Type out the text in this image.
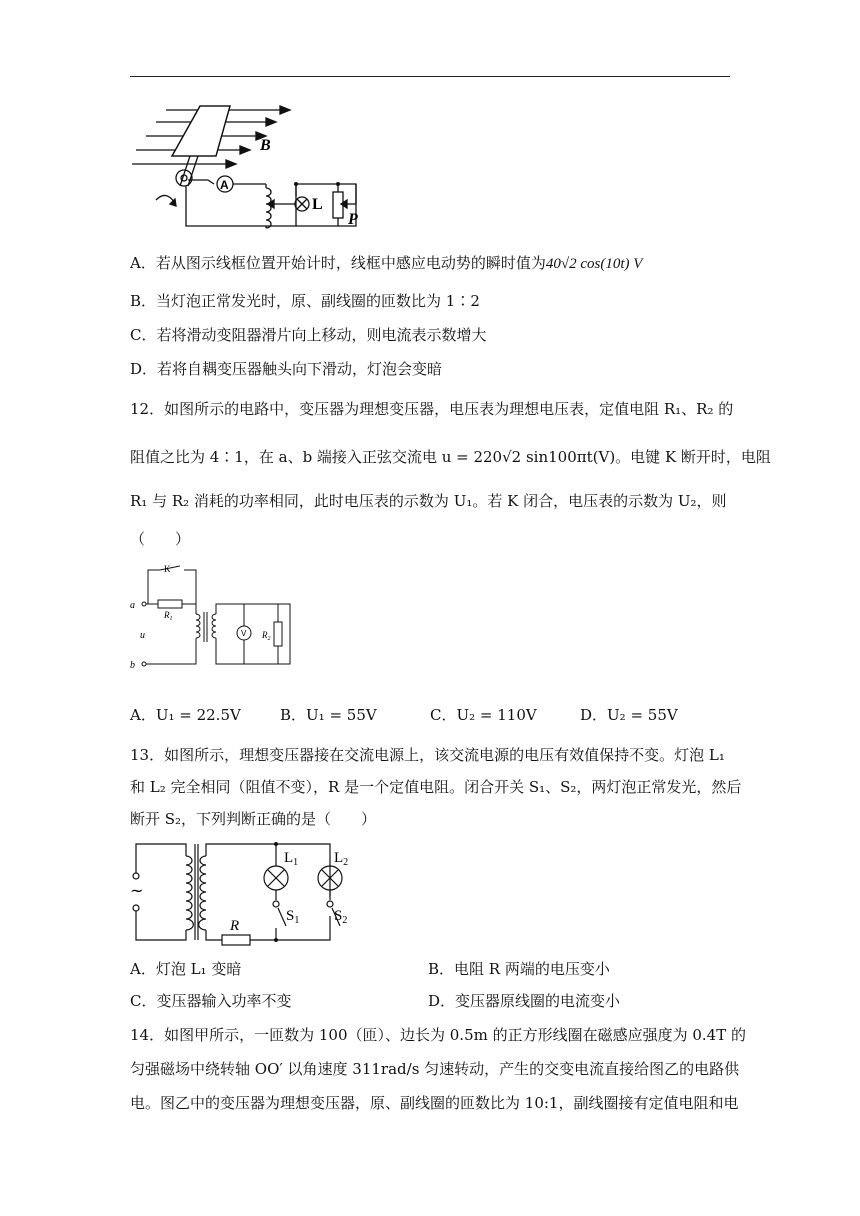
B
A
L
P
A．若从图示线框位置开始计时，线框中感应电动势的瞬时值为40√2 cos(10t) V
B．当灯泡正常发光时，原、副线圈的匝数比为 1∶2
C．若将滑动变阻器滑片向上移动，则电流表示数增大
D．若将自耦变压器触头向下滑动，灯泡会变暗
12．如图所示的电路中，变压器为理想变压器，电压表为理想电压表，定值电阻 R₁、R₂ 的
阻值之比为 4∶1，在 a、b 端接入正弦交流电 u = 220√2 sin100πt(V)。电键 K 断开时，电阻
R₁ 与 R₂ 消耗的功率相同，此时电压表的示数为 U₁。若 K 闭合，电压表的示数为 U₂，则
（　　）
K
a
$R_1$
u
b
V $R_2$
A．U₁ = 22.5V	B．U₁ = 55V	C．U₂ = 110V	D．U₂ = 55V
13．如图所示，理想变压器接在交流电源上，该交流电源的电压有效值保持不变。灯泡 L₁
和 L₂ 完全相同（阻值不变），R 是一个定值电阻。闭合开关 S₁、S₂，两灯泡正常发光，然后
断开 S₂，下列判断正确的是（　　）
~
$L_1$ $L_2$
$S_1$ $S_2$
R
A．灯泡 L₁ 变暗	B．电阻 R 两端的电压变小
C．变压器输入功率不变	D．变压器原线圈的电流变小
14．如图甲所示，一匝数为 100（匝）、边长为 0.5m 的正方形线圈在磁感应强度为 0.4T 的
匀强磁场中绕转轴 OO′ 以角速度 311rad/s 匀速转动，产生的交变电流直接给图乙的电路供
电。图乙中的变压器为理想变压器，原、副线圈的匝数比为 10:1，副线圈接有定值电阻和电
